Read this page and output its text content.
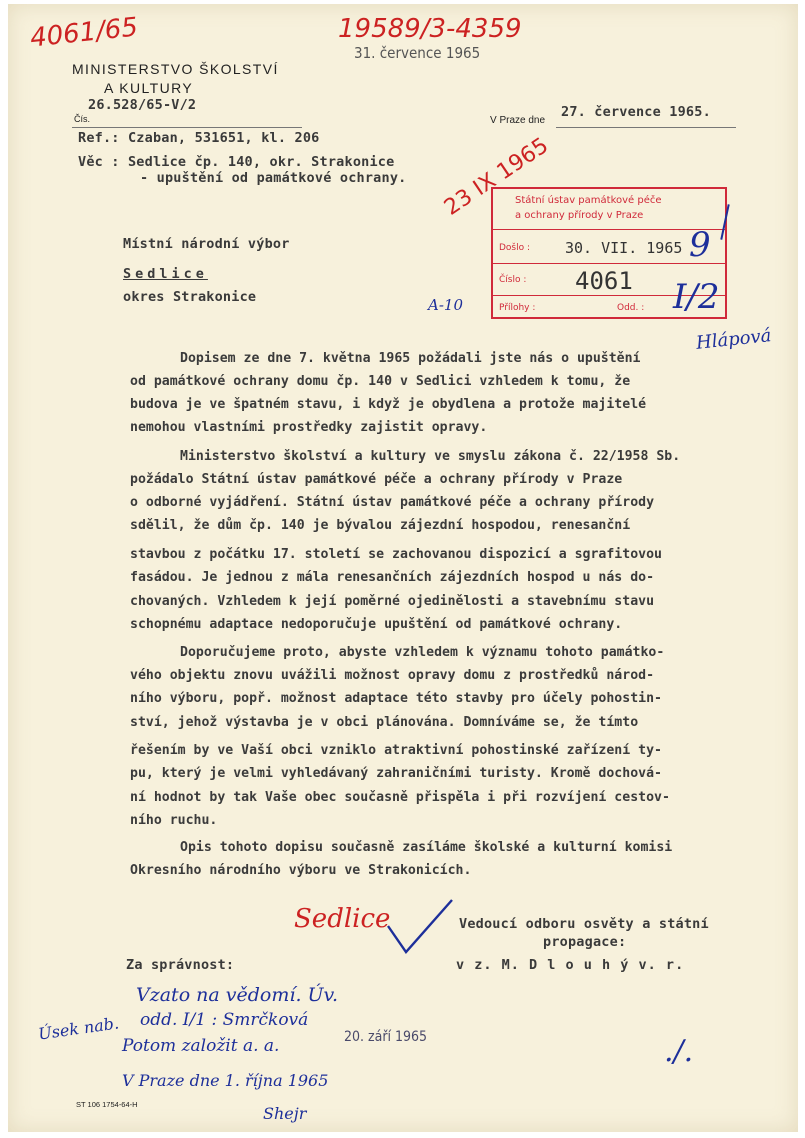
4061/65	19589/3-4359
31. července 1965
MINISTERSTVO ŠKOLSTVÍ
A KULTURY
26.528/65-V/2
Čís.	V Praze dne
27. července 1965.
Ref.: Czaban, 531651, kl. 206
Věc : Sedlice čp. 140, okr. Strakonice
- upuštění od památkové ochrany.
Státní ústav památkové péče
a ochrany přírody v Praze
Došlo : 30. VII. 1965
Číslo : 4061
Přílohy :	Odd. : I/2
9
23 IX 1965
Místní národní výbor
Sedlice
okres Strakonice	A-10
Hlápová
Dopisem ze dne 7. května 1965 požádali jste nás o upuštění
od památkové ochrany domu čp. 140 v Sedlici vzhledem k tomu, že
budova je ve špatném stavu, i když je obydlena a protože majitelé
nemohou vlastními prostředky zajistit opravy.
Ministerstvo školství a kultury ve smyslu zákona č. 22/1958 Sb.
požádalo Státní ústav památkové péče a ochrany přírody v Praze
o odborné vyjádření. Státní ústav památkové péče a ochrany přírody
sdělil, že dům čp. 140 je bývalou zájezdní hospodou, renesanční
stavbou z počátku 17. století se zachovanou dispozicí a sgrafitovou
fasádou. Je jednou z mála renesančních zájezdních hospod u nás do-
chovaných. Vzhledem k její poměrné ojedinělosti a stavebnímu stavu
schopnému adaptace nedoporučuje upuštění od památkové ochrany.
Doporučujeme proto, abyste vzhledem k významu tohoto památko-
vého objektu znovu uvážili možnost opravy domu z prostředků národ-
ního výboru, popř. možnost adaptace této stavby pro účely pohostin-
ství, jehož výstavba je v obci plánována. Domníváme se, že tímto
řešením by ve Vaší obci vzniklo atraktivní pohostinské zařízení ty-
pu, který je velmi vyhledávaný zahraničními turisty. Kromě dochová-
ní hodnot by tak Vaše obec současně přispěla i při rozvíjení cestov-
ního ruchu.
Opis tohoto dopisu současně zasíláme školské a kulturní komisi
Okresního národního výboru ve Strakonicích.
Sedlice	Vedoucí odboru osvěty a státní
propagace:
v z. M. D l o u h ý v. r.
Za správnost:
Vzato na vědomí. Úv.
odd. I/1 : Smrčková
Potom založit a. a.
V Praze dne 1. října 1965
Úsek nab.	20. září 1965	./.
ST 106 1754-64-H	Shejr
